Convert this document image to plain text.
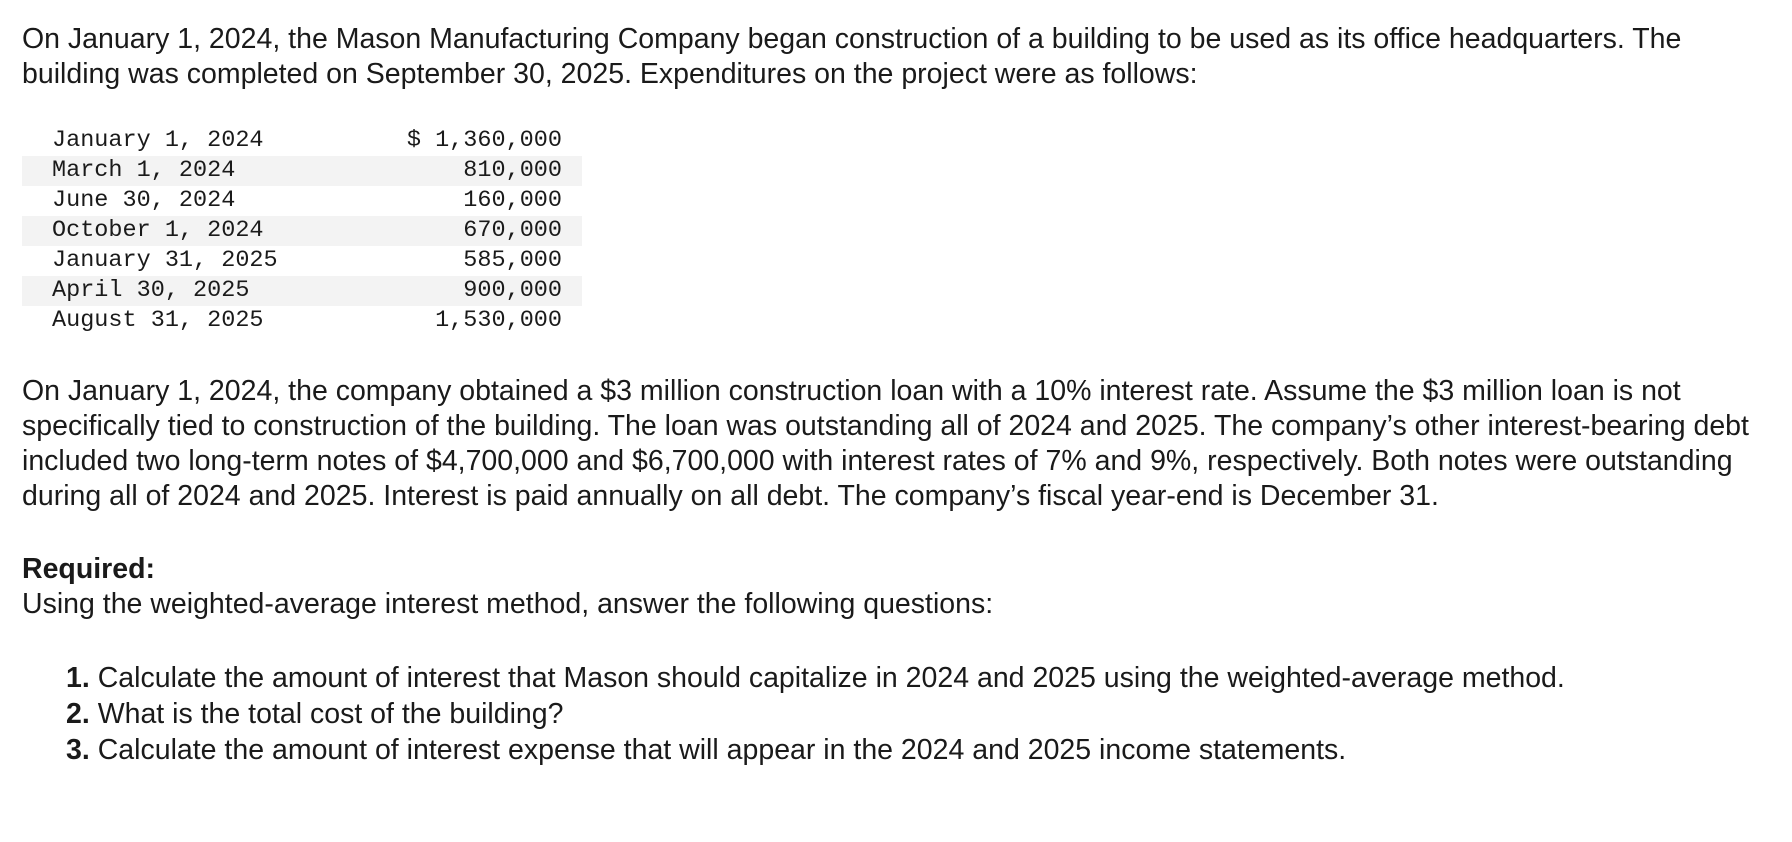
On January 1, 2024, the Mason Manufacturing Company began construction of a building to be used as its office headquarters. The building was completed on September 30, 2025. Expenditures on the project were as follows:

January 1, 2024	$ 1,360,000
March 1, 2024	810,000
June 30, 2024	160,000
October 1, 2024	670,000
January 31, 2025	585,000
April 30, 2025	900,000
August 31, 2025	1,530,000

On January 1, 2024, the company obtained a $3 million construction loan with a 10% interest rate. Assume the $3 million loan is not specifically tied to construction of the building. The loan was outstanding all of 2024 and 2025. The company’s other interest-bearing debt included two long-term notes of $4,700,000 and $6,700,000 with interest rates of 7% and 9%, respectively. Both notes were outstanding during all of 2024 and 2025. Interest is paid annually on all debt. The company’s fiscal year-end is December 31.

Required:

Using the weighted-average interest method, answer the following questions:

1. Calculate the amount of interest that Mason should capitalize in 2024 and 2025 using the weighted-average method.
2. What is the total cost of the building?
3. Calculate the amount of interest expense that will appear in the 2024 and 2025 income statements.
